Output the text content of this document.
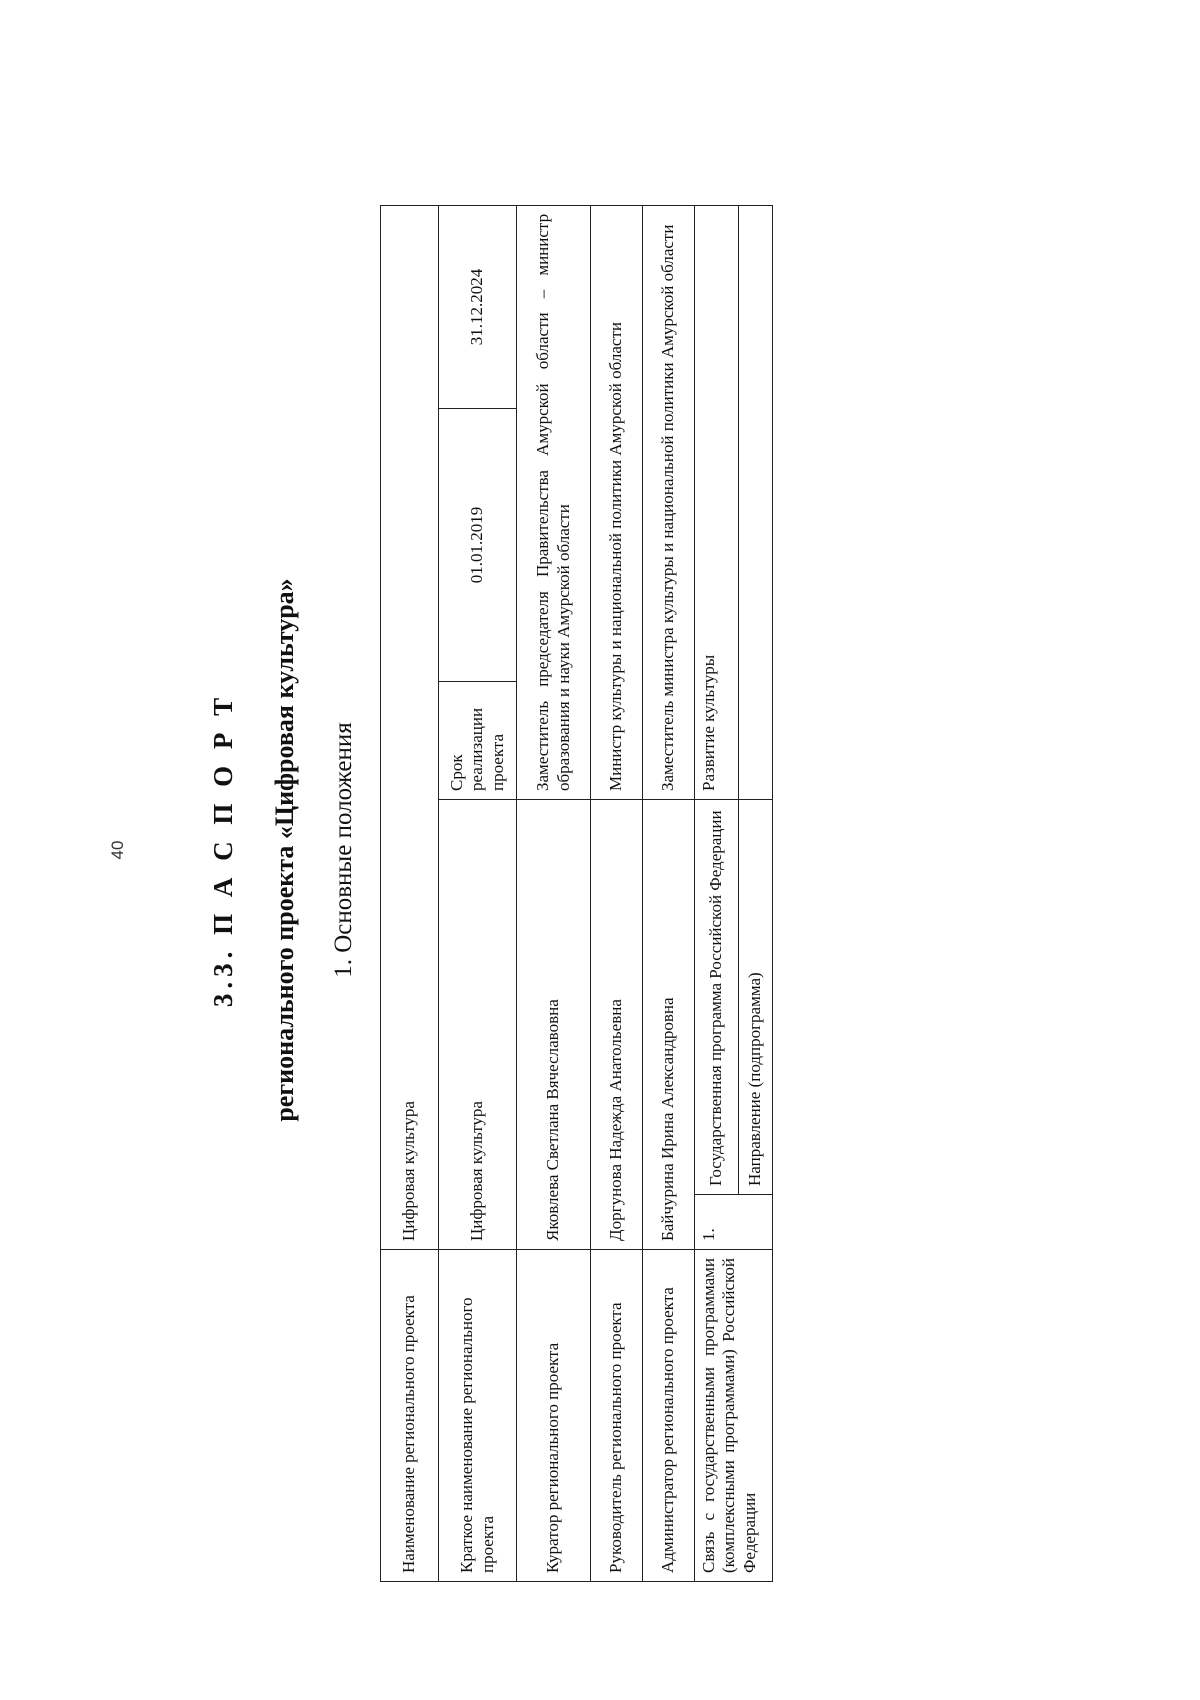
40	3.3. П А С П О Р Т регионального проекта «Цифровая культура» 1. Основные положения
Наименование регионального проекта	Цифровая культура				
Краткое наименование регионального проекта	Цифровая культура		Срок реализации проекта	01.01.2019	31.12.2024
Куратор регионального проекта	Яковлева Светлана Вячеславовна		Заместитель председателя Правительства Амурской области – министр образования и науки Амурской области		
Руководитель регионального проекта	Доргунова Надежда Анатольевна		Министр культуры и национальной политики Амурской области		
Администратор регионального проекта	Байчурина Ирина Александровна		Заместитель министра культуры и национальной политики Амурской области		
Связь с государственными программами (комплексными программами) Российской Федерации	1.	Государственная программа Российской Федерации	Развитие культуры		
		Направление (подпрограмма)			
